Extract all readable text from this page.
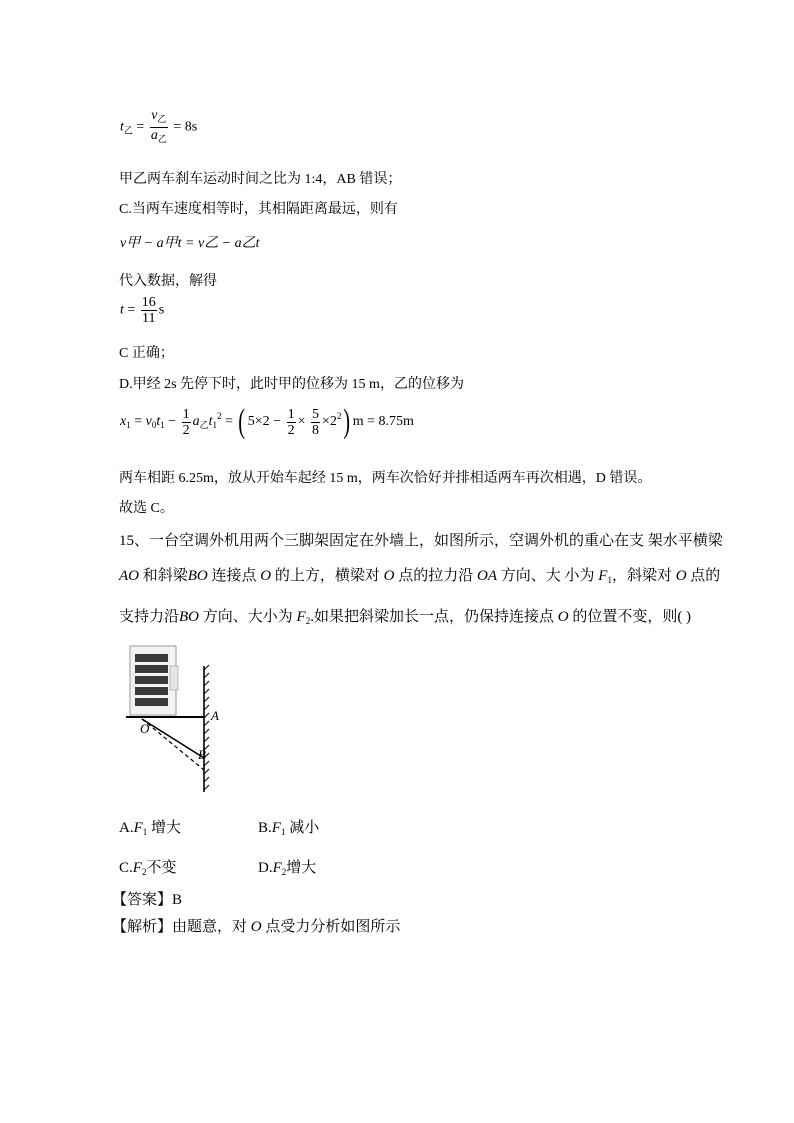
$t_乙 = \frac{v_乙}{a_乙} = 8s$
甲乙两车刹车运动时间之比为 1:4，AB 错误；
C.当两车速度相等时，其相隔距离最远，则有
v甲 − a甲t = v乙 − a乙t
代入数据，解得
$t = \frac{16}{11}$ s
C 正确；
D.甲经 2s 先停下时，此时甲的位移为 15 m，乙的位移为
$x_1 = v_0t_1 - \frac{1}{2} a_乙t_1^2$ = ( $5\times 2 - \frac{1}{2} \times \frac{5}{8} \times 2^2$) m = 8.75m
两车相距 6.25m，放从开始车起经 15 m，两车次恰好并排相适两车再次相遇，D 错误。
故选 C。
15、一台空调外机用两个三脚架固定在外墙上，如图所示，空调外机的重心在支 架水平横梁
AO 和斜梁BO 连接点 O 的上方，横梁对 O 点的拉力沿 OA 方向、大 小为 $F_1$，斜梁对 O 点的
支持力沿BO 方向、大小为 $F_2$.如果把斜梁加长一点，仍保持连接点 O 的位置不变，则( )
O
A
B
$A.F_1$ 增大	$B.F_1$ 减小
$C.F_2$不变	$D.F_2$增大
【答案】B
【解析】由题意，对 O 点受力分析如图所示
